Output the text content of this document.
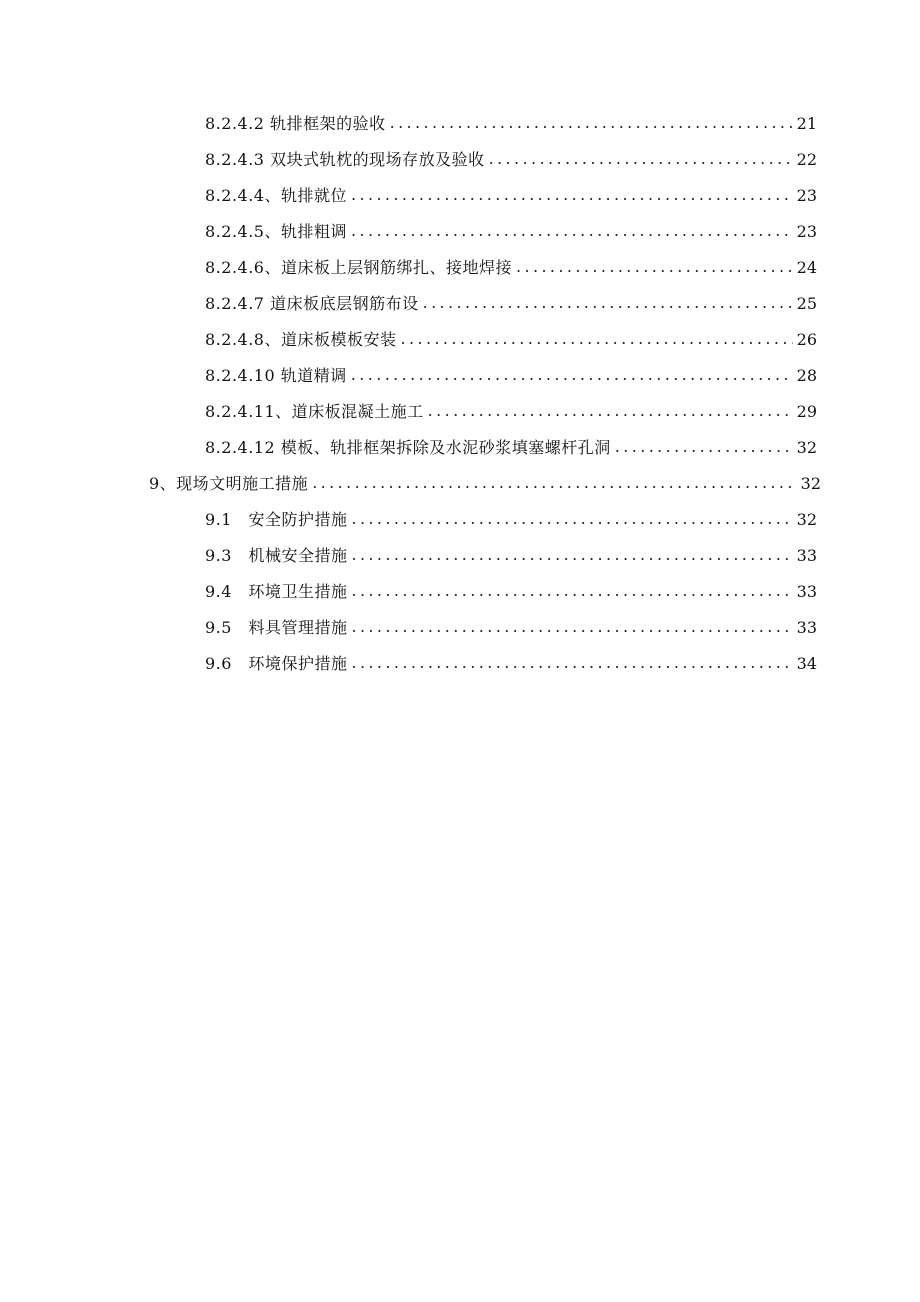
8.2.4.2 轨排框架的验收 .....	21
8.2.4.3 双块式轨枕的现场存放及验收 .....	22
8.2.4.4、轨排就位 .....	23
8.2.4.5、轨排粗调 .....	23
8.2.4.6、道床板上层钢筋绑扎、接地焊接 .....	24
8.2.4.7 道床板底层钢筋布设 .....	25
8.2.4.8、道床板模板安装 .....	26
8.2.4.10 轨道精调 .....	28
8.2.4.11、道床板混凝土施工 .....	29
8.2.4.12 模板、轨排框架拆除及水泥砂浆填塞螺杆孔洞 .....	32
9、现场文明施工措施 .....	32
9.1　安全防护措施 .....	32
9.3　机械安全措施 .....	33
9.4　环境卫生措施 .....	33
9.5　料具管理措施 .....	33
9.6　环境保护措施 .....	34
